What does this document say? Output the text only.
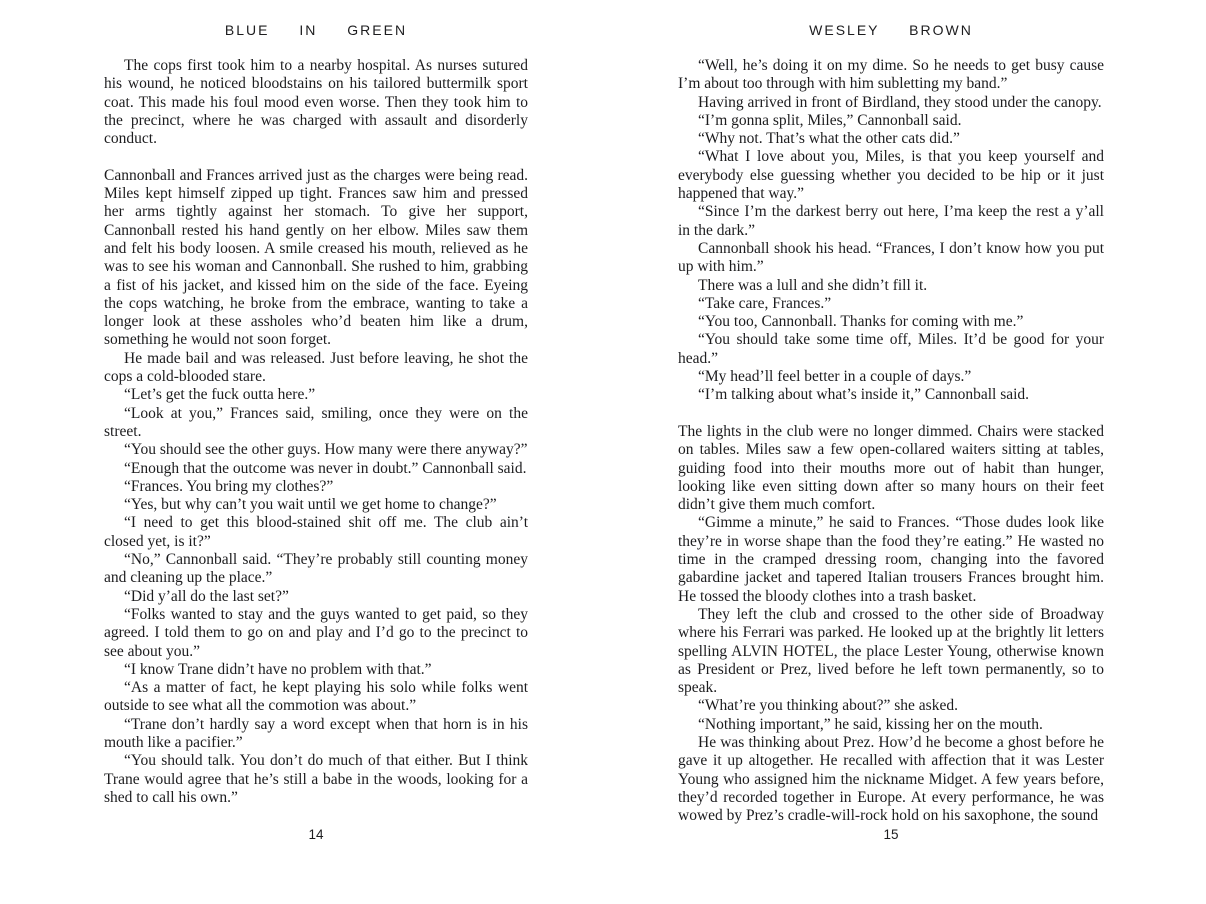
BLUE IN GREEN

The cops first took him to a nearby hospital. As nurses sutured his wound, he noticed bloodstains on his tailored buttermilk sport coat. This made his foul mood even worse. Then they took him to the precinct, where he was charged with assault and disorderly conduct.

Cannonball and Frances arrived just as the charges were being read. Miles kept himself zipped up tight. Frances saw him and pressed her arms tightly against her stomach. To give her support, Cannonball rested his hand gently on her elbow. Miles saw them and felt his body loosen. A smile creased his mouth, relieved as he was to see his woman and Cannonball. She rushed to him, grabbing a fist of his jacket, and kissed him on the side of the face. Eyeing the cops watching, he broke from the embrace, wanting to take a longer look at these assholes who’d beaten him like a drum, something he would not soon forget.

He made bail and was released. Just before leaving, he shot the cops a cold-blooded stare.

“Let’s get the fuck outta here.”

“Look at you,” Frances said, smiling, once they were on the street.

“You should see the other guys. How many were there anyway?”

“Enough that the outcome was never in doubt.” Cannonball said.

“Frances. You bring my clothes?”

“Yes, but why can’t you wait until we get home to change?”

“I need to get this blood-stained shit off me. The club ain’t closed yet, is it?”

“No,” Cannonball said. “They’re probably still counting money and cleaning up the place.”

“Did y’all do the last set?”

“Folks wanted to stay and the guys wanted to get paid, so they agreed. I told them to go on and play and I’d go to the precinct to see about you.”

“I know Trane didn’t have no problem with that.”

“As a matter of fact, he kept playing his solo while folks went outside to see what all the commotion was about.”

“Trane don’t hardly say a word except when that horn is in his mouth like a pacifier.”

“You should talk. You don’t do much of that either. But I think Trane would agree that he’s still a babe in the woods, looking for a shed to call his own.”

14
WESLEY BROWN

“Well, he’s doing it on my dime. So he needs to get busy cause I’m about too through with him subletting my band.”

Having arrived in front of Birdland, they stood under the canopy.

“I’m gonna split, Miles,” Cannonball said.

“Why not. That’s what the other cats did.”

“What I love about you, Miles, is that you keep yourself and everybody else guessing whether you decided to be hip or it just happened that way.”

“Since I’m the darkest berry out here, I’ma keep the rest a y’all in the dark.”

Cannonball shook his head. “Frances, I don’t know how you put up with him.”

There was a lull and she didn’t fill it.

“Take care, Frances.”

“You too, Cannonball. Thanks for coming with me.”

“You should take some time off, Miles. It’d be good for your head.”

“My head’ll feel better in a couple of days.”

“I’m talking about what’s inside it,” Cannonball said.

The lights in the club were no longer dimmed. Chairs were stacked on tables. Miles saw a few open-collared waiters sitting at tables, guiding food into their mouths more out of habit than hunger, looking like even sitting down after so many hours on their feet didn’t give them much comfort.

“Gimme a minute,” he said to Frances. “Those dudes look like they’re in worse shape than the food they’re eating.” He wasted no time in the cramped dressing room, changing into the favored gabardine jacket and tapered Italian trousers Frances brought him. He tossed the bloody clothes into a trash basket.

They left the club and crossed to the other side of Broadway where his Ferrari was parked. He looked up at the brightly lit letters spelling ALVIN HOTEL, the place Lester Young, otherwise known as President or Prez, lived before he left town permanently, so to speak.

“What’re you thinking about?” she asked.

“Nothing important,” he said, kissing her on the mouth.

He was thinking about Prez. How’d he become a ghost before he gave it up altogether. He recalled with affection that it was Lester Young who assigned him the nickname Midget. A few years before, they’d recorded together in Europe. At every performance, he was wowed by Prez’s cradle-will-rock hold on his saxophone, the sound

15
